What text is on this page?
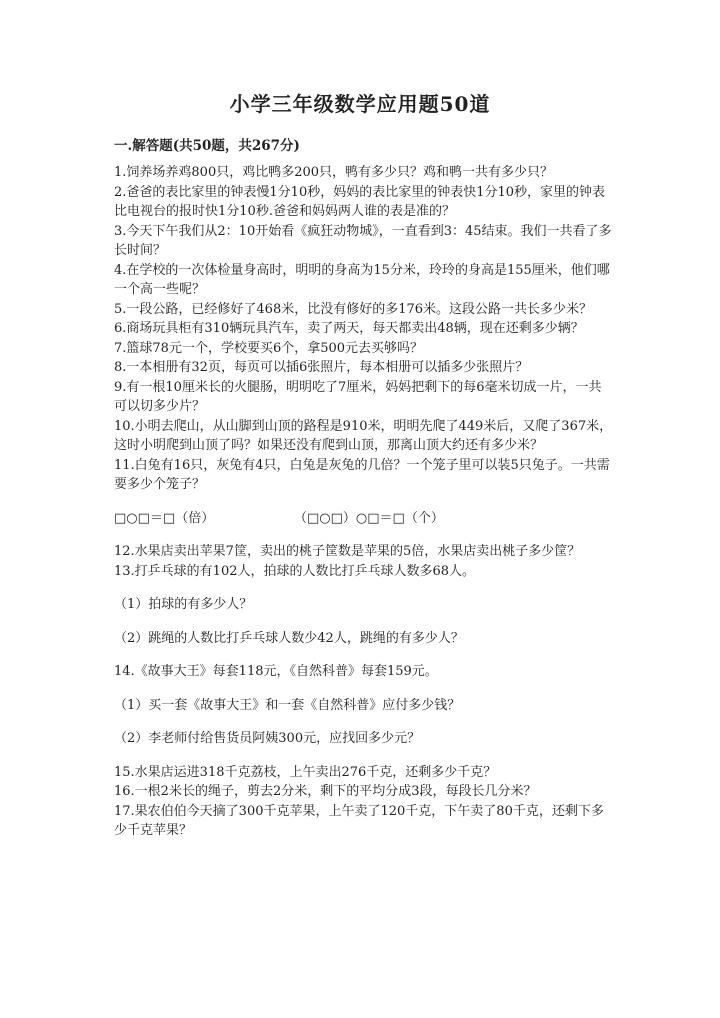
小学三年级数学应用题50道
一.解答题(共50题，共267分)

1.饲养场养鸡800只，鸡比鸭多200只，鸭有多少只？鸡和鸭一共有多少只？

2.爸爸的表比家里的钟表慢1分10秒，妈妈的表比家里的钟表快1分10秒，家里的钟表比电视台的报时快1分10秒.爸爸和妈妈两人谁的表是准的？

3.今天下午我们从2：10开始看《疯狂动物城》，一直看到3：45结束。我们一共看了多长时间？

4.在学校的一次体检量身高时，明明的身高为15分米，玲玲的身高是155厘米，他们哪一个高一些呢？

5.一段公路，已经修好了468米，比没有修好的多176米。这段公路一共长多少米？

6.商场玩具柜有310辆玩具汽车，卖了两天，每天都卖出48辆，现在还剩多少辆？

7.篮球78元一个，学校要买6个，拿500元去买够吗？

8.一本相册有32页，每页可以插6张照片，每本相册可以插多少张照片？

9.有一根10厘米长的火腿肠，明明吃了7厘米，妈妈把剩下的每6毫米切成一片，一共可以切多少片？

10.小明去爬山，从山脚到山顶的路程是910米，明明先爬了449米后，又爬了367米，这时小明爬到山顶了吗？如果还没有爬到山顶，那离山顶大约还有多少米？

11.白兔有16只，灰兔有4只，白兔是灰兔的几倍？一个笼子里可以装5只兔子。一共需要多少个笼子？

□○□＝□（倍）	（□○□）○□＝□（个）

12.水果店卖出苹果7筐，卖出的桃子筐数是苹果的5倍，水果店卖出桃子多少筐？

13.打乒乓球的有102人，拍球的人数比打乒乓球人数多68人。

（1）拍球的有多少人？

（2）跳绳的人数比打乒乓球人数少42人，跳绳的有多少人？

14.《故事大王》每套118元，《自然科普》每套159元。

（1）买一套《故事大王》和一套《自然科普》应付多少钱？

（2）李老师付给售货员阿姨300元，应找回多少元？

15.水果店运进318千克荔枝，上午卖出276千克，还剩多少千克？

16.一根2米长的绳子，剪去2分米，剩下的平均分成3段，每段长几分米？

17.果农伯伯今天摘了300千克苹果，上午卖了120千克，下午卖了80千克，还剩下多少千克苹果？
